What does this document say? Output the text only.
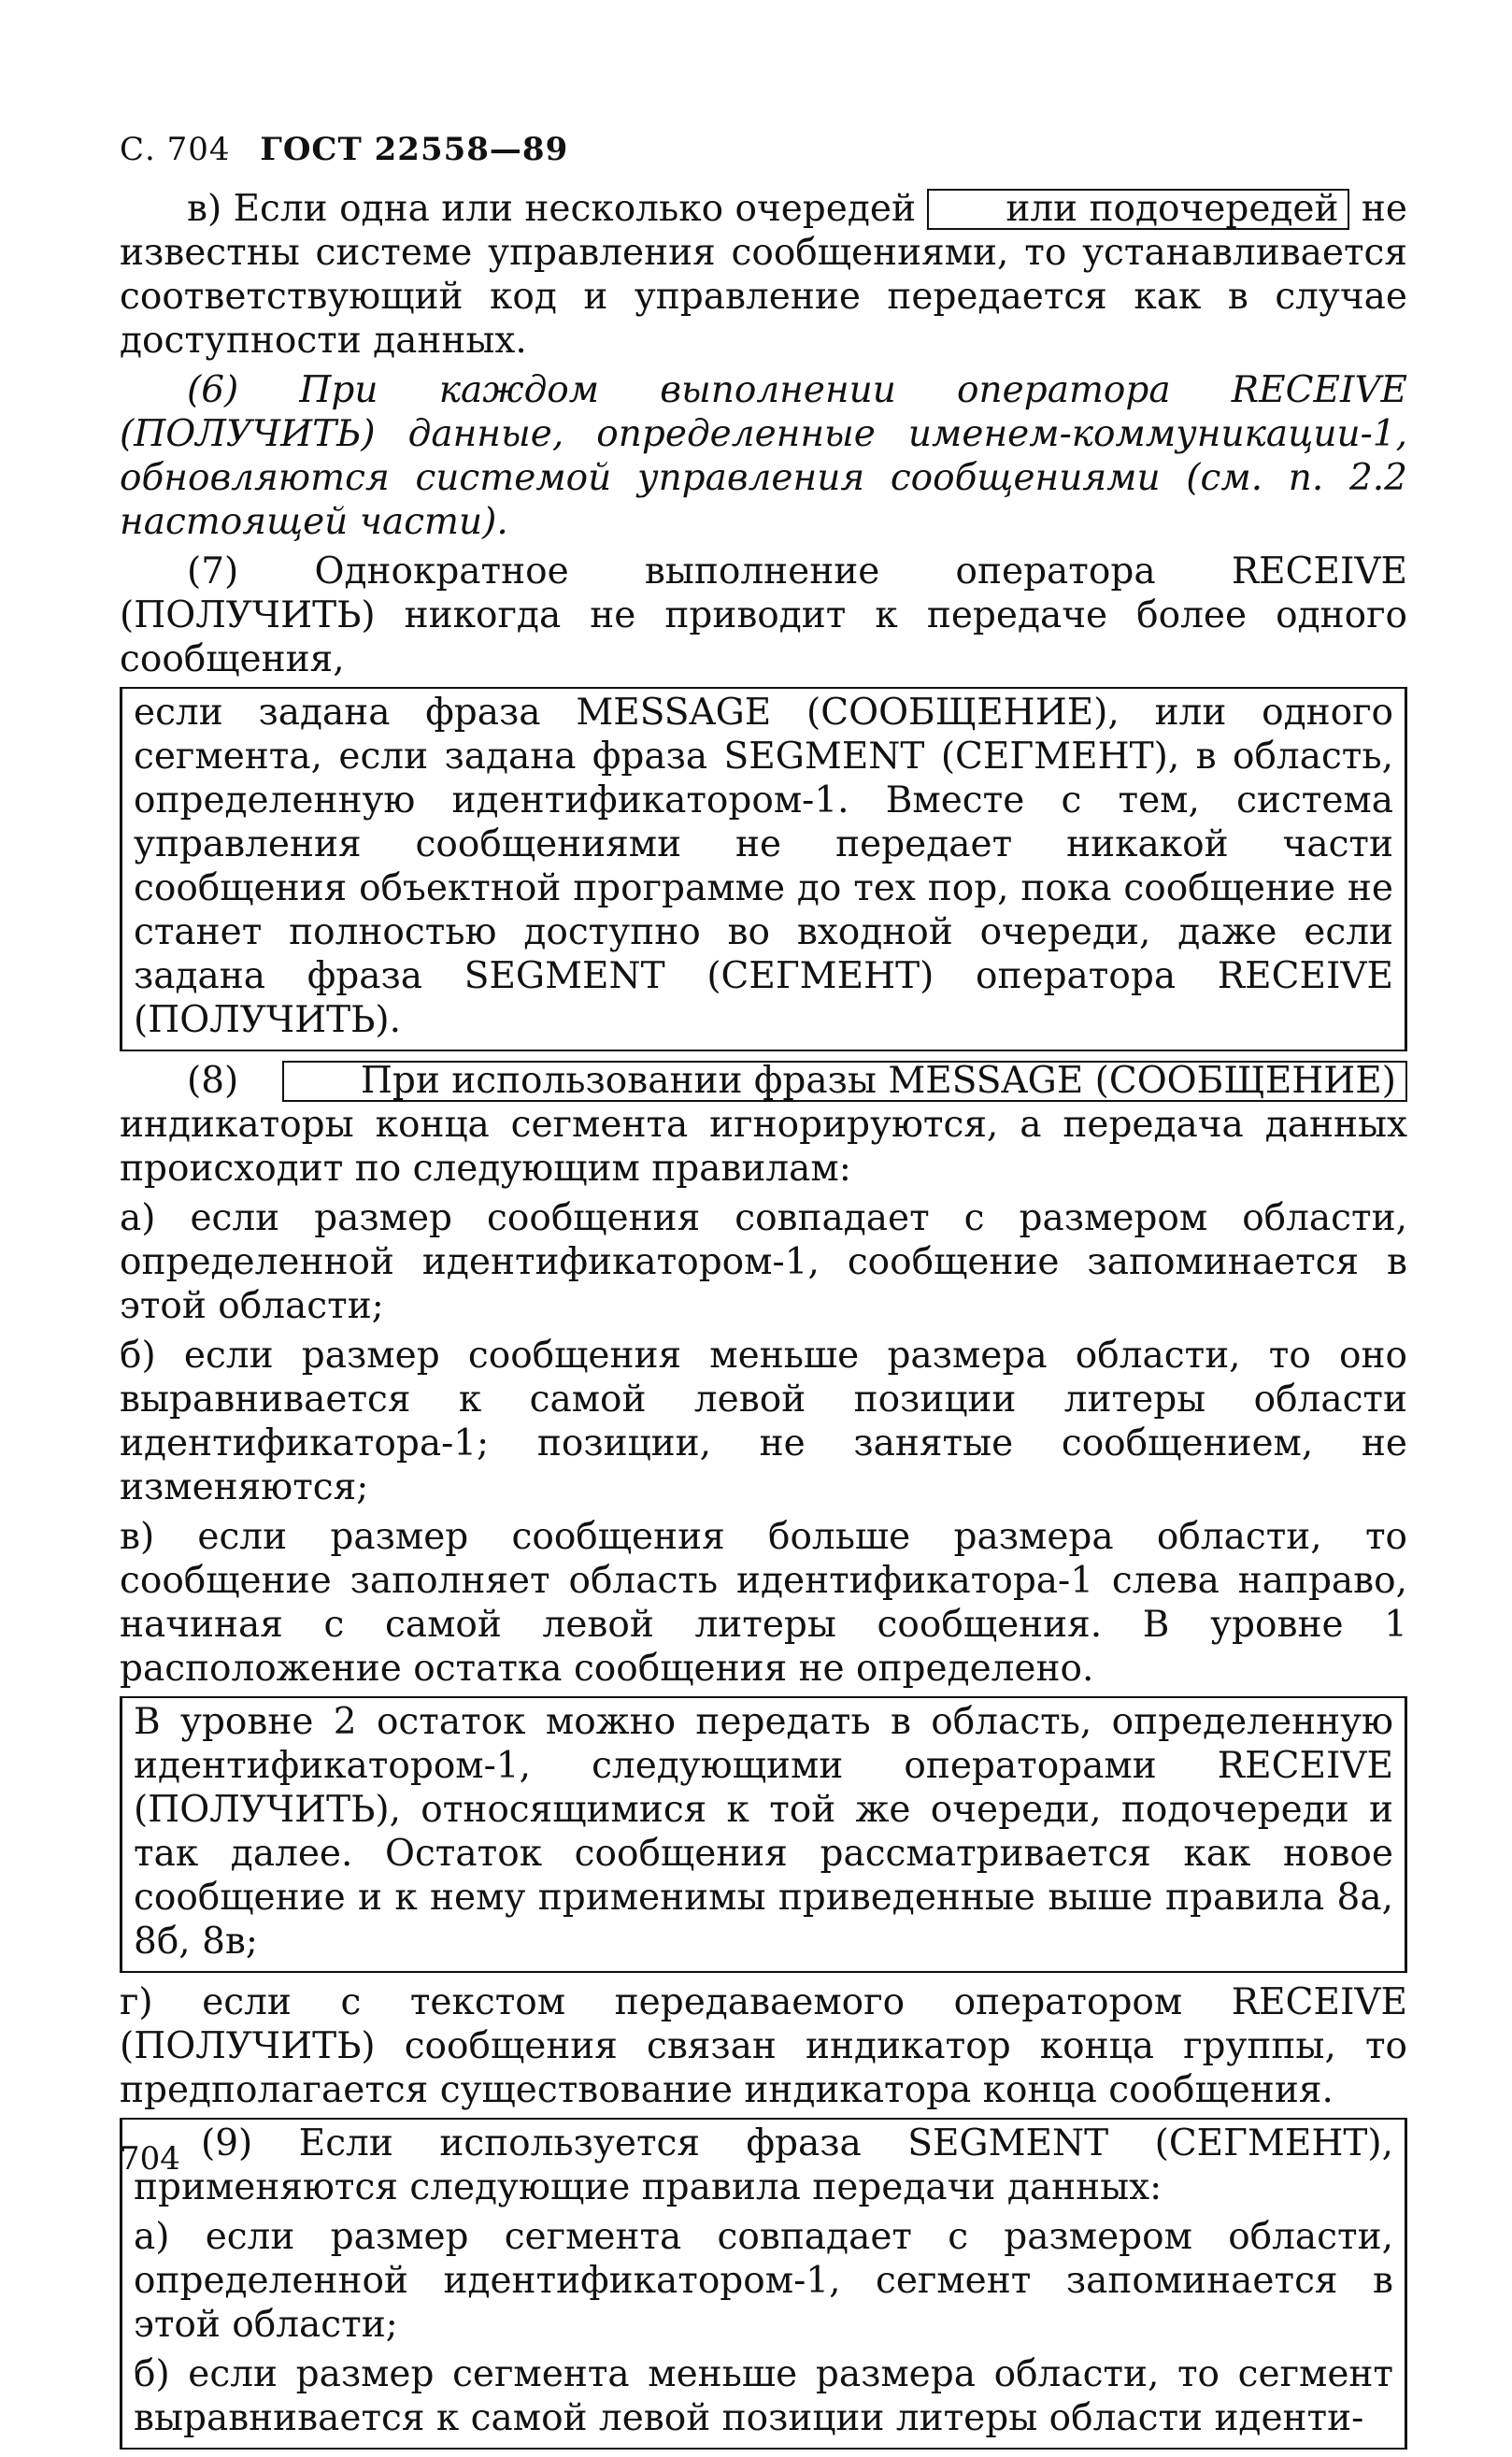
С. 704 ГОСТ 22558—89

в) Если одна или несколько очередей или подочередей не известны системе управления сообщениями, то устанавливается соответствующий код и управление передается как в случае доступности данных.

(6) При каждом выполнении оператора RECEIVE (ПОЛУЧИТЬ) данные, определенные именем-коммуникации-1, обновляются системой управления сообщениями (см. п. 2.2 настоящей части).

(7) Однократное выполнение оператора RECEIVE (ПОЛУЧИТЬ) никогда не приводит к передаче более одного сообщения,

если задана фраза MESSAGE (СООБЩЕНИЕ), или одного сегмента, если задана фраза SEGMENT (СЕГМЕНТ), в область, определенную идентификатором-1. Вместе с тем, система управления сообщениями не передает никакой части сообщения объектной программе до тех пор, пока сообщение не станет полностью доступно во входной очереди, даже если задана фраза SEGMENT (СЕГМЕНТ) оператора RECEIVE (ПОЛУЧИТЬ).

(8)	При использовании фразы MESSAGE (СООБЩЕНИЕ) индикаторы конца сегмента игнорируются, а передача данных происходит по следующим правилам:

а) если размер сообщения совпадает с размером области, определенной идентификатором-1, сообщение запоминается в этой области;

б) если размер сообщения меньше размера области, то оно выравнивается к самой левой позиции литеры области идентификатора-1; позиции, не занятые сообщением, не изменяются;

в) если размер сообщения больше размера области, то сообщение заполняет область идентификатора-1 слева направо, начиная с самой левой литеры сообщения. В уровне 1 расположение остатка сообщения не определено.

В уровне 2 остаток можно передать в область, определенную идентификатором-1, следующими операторами RECEIVE (ПОЛУЧИТЬ), относящимися к той же очереди, подочереди и так далее. Остаток сообщения рассматривается как новое сообщение и к нему применимы приведенные выше правила 8а, 8б, 8в;

г) если с текстом передаваемого оператором RECEIVE (ПОЛУЧИТЬ) сообщения связан индикатор конца группы, то предполагается существование индикатора конца сообщения.

(9) Если используется фраза SEGMENT (СЕГМЕНТ), применяются следующие правила передачи данных:

а) если размер сегмента совпадает с размером области, определенной идентификатором-1, сегмент запоминается в этой области;

б) если размер сегмента меньше размера области, то сегмент выравнивается к самой левой позиции литеры области иденти-

704
